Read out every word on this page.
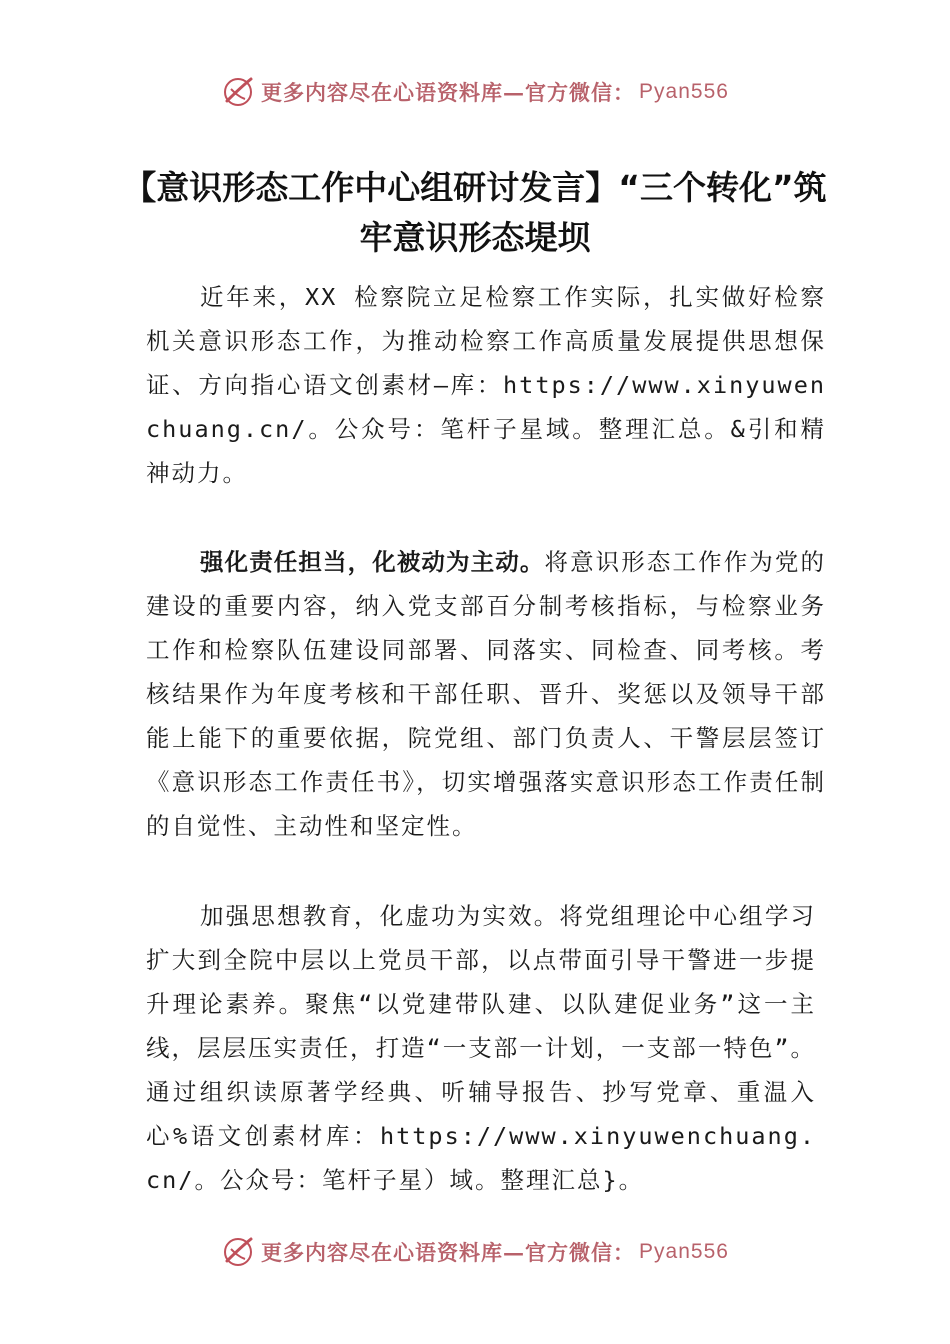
更多内容尽在心语资料库—官方微信： Pyan556
【意识形态工作中心组研讨发言】“三个转化”筑牢意识形态堤坝

近年来，XX 检察院立足检察工作实际，扎实做好检察机关意识形态工作，为推动检察工作高质量发展提供思想保证、方向指心语文创素材—库：https://www.xinyuwenchuang.cn/。公众号：笔杆子星域。整理汇总。&引和精神动力。

强化责任担当，化被动为主动。将意识形态工作作为党的建设的重要内容，纳入党支部百分制考核指标，与检察业务工作和检察队伍建设同部署、同落实、同检查、同考核。考核结果作为年度考核和干部任职、晋升、奖惩以及领导干部能上能下的重要依据，院党组、部门负责人、干警层层签订《意识形态工作责任书》，切实增强落实意识形态工作责任制的自觉性、主动性和坚定性。

加强思想教育，化虚功为实效。将党组理论中心组学习扩大到全院中层以上党员干部，以点带面引导干警进一步提升理论素养。聚焦“以党建带队建、以队建促业务”这一主线，层层压实责任，打造“一支部一计划，一支部一特色”。通过组织读原著学经典、听辅导报告、抄写党章、重温入心%语文创素材库：https://www.xinyuwenchuang.cn/。公众号：笔杆子星）域。整理汇总}。

更多内容尽在心语资料库—官方微信： Pyan556
